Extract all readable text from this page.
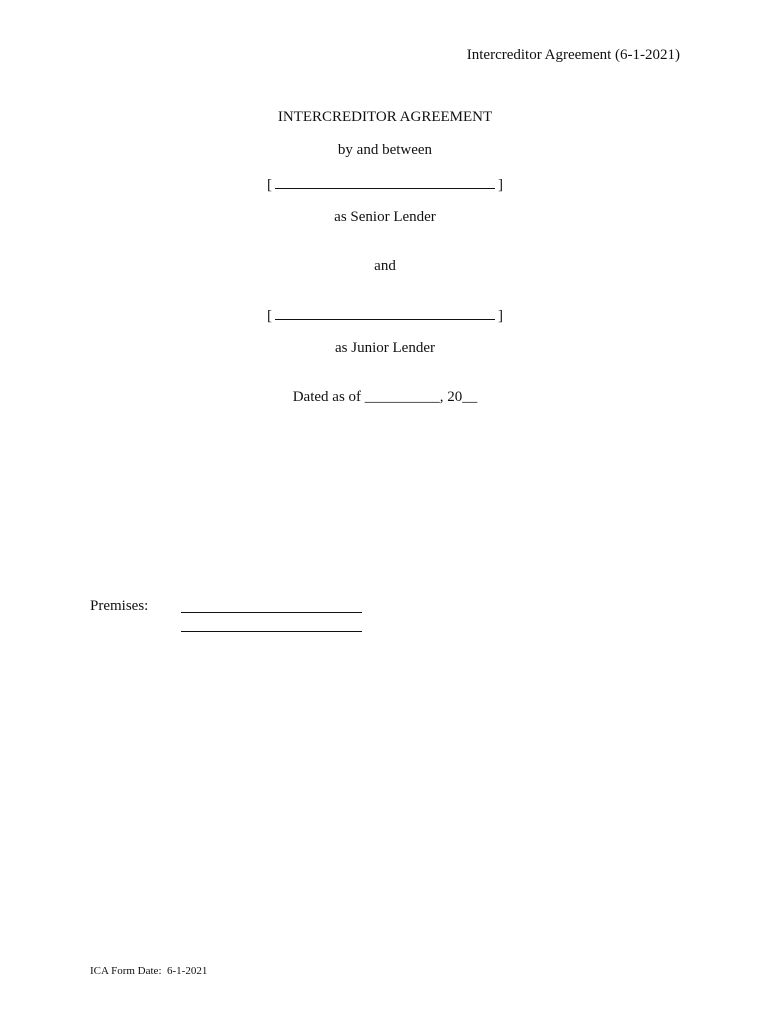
Intercreditor Agreement (6-1-2021)
INTERCREDITOR AGREEMENT
by and between
[	]
as Senior Lender
and
[	]
as Junior Lender
Dated as of __________, 20__
Premises:
ICA Form Date:  6-1-2021
